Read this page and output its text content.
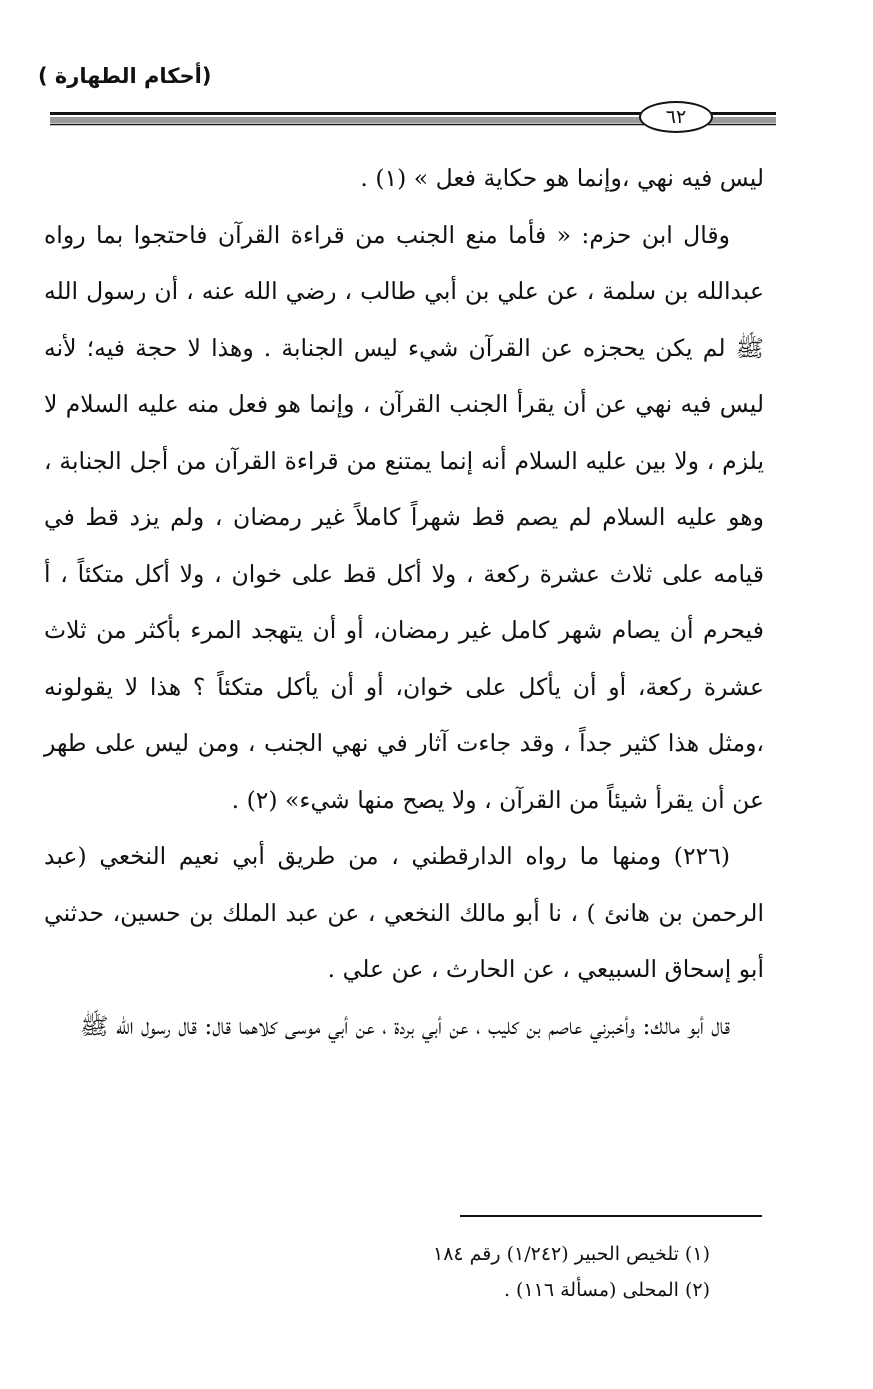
(أحكام الطهارة )
٦٢

ليس فيه نهي ،وإنما هو حكاية فعل » (١) .

وقال ابن حزم: « فأما منع الجنب من قراءة القرآن فاحتجوا بما رواه عبدالله بن سلمة ، عن علي بن أبي طالب ، رضي الله عنه ، أن رسول الله ﷺ لم يكن يحجزه عن القرآن شيء ليس الجنابة . وهذا لا حجة فيه؛ لأنه ليس فيه نهي عن أن يقرأ الجنب القرآن ، وإنما هو فعل منه عليه السلام لا يلزم ، ولا بين عليه السلام أنه إنما يمتنع من قراءة القرآن من أجل الجنابة ، وهو عليه السلام لم يصم قط شهراً كاملاً غير رمضان ، ولم يزد قط في قيامه على ثلاث عشرة ركعة ، ولا أكل قط على خوان ، ولا أكل متكئاً ، أ فيحرم أن يصام شهر كامل غير رمضان، أو أن يتهجد المرء بأكثر من ثلاث عشرة ركعة، أو أن يأكل على خوان، أو أن يأكل متكئاً ؟ هذا لا يقولونه ،ومثل هذا كثير جداً ، وقد جاءت آثار في نهي الجنب ، ومن ليس على طهر عن أن يقرأ شيئاً من القرآن ، ولا يصح منها شيء» (٢) .

(٢٢٦) ومنها ما رواه الدارقطني ، من طريق أبي نعيم النخعي (عبد الرحمن بن هانئ ) ، نا أبو مالك النخعي ، عن عبد الملك بن حسين، حدثني أبو إسحاق السبيعي ، عن الحارث ، عن علي .

قال أبو مالك: وأخبرني عاصم بن كليب ، عن أبي بردة ، عن أبي موسى كلاهما قال: قال رسول الله ﷺ

(١) تلخيص الحبير (١/٢٤٢) رقم ١٨٤

(٢) المحلى (مسألة ١١٦) .
